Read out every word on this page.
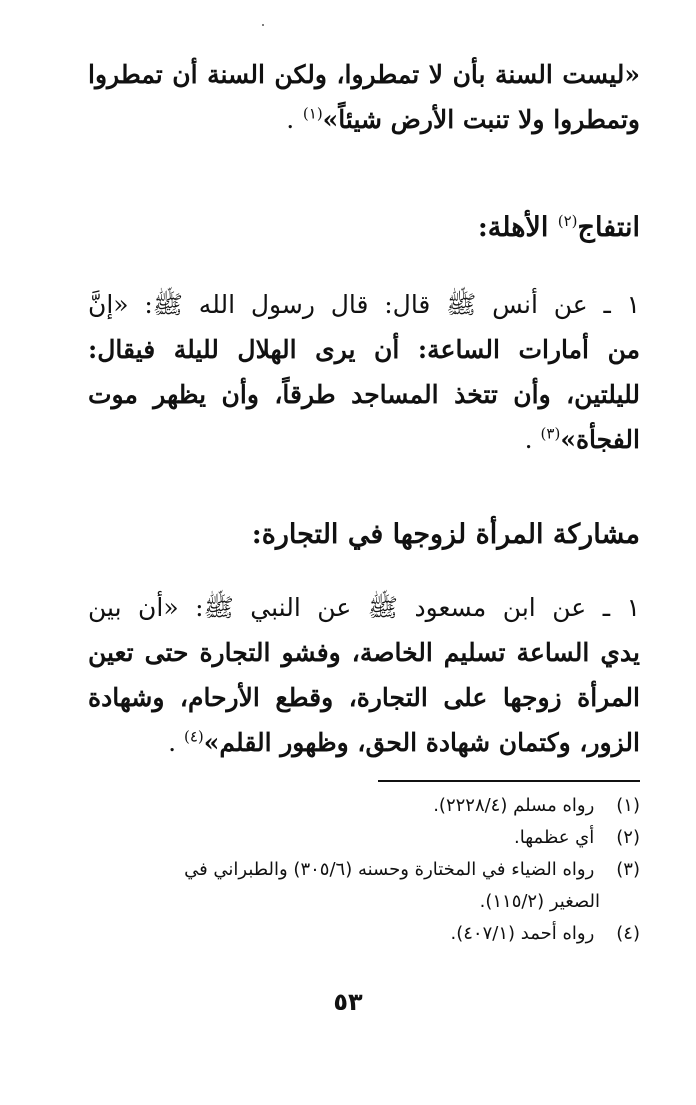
«ليست السنة بأن لا تمطروا، ولكن السنة أن تمطروا
وتمطروا ولا تنبت الأرض شيئاً»$^{(١)}$ .
انتفاج$^{(٢)}$ الأهلة:
١ ـ عن أنس ﷺ قال: قال رسول الله ﷺ: «إنَّ
من أمارات الساعة: أن يرى الهلال لليلة فيقال:
لليلتين، وأن تتخذ المساجد طرقاً، وأن يظهر موت
الفجأة»$^{(٣)}$ .
مشاركة المرأة لزوجها في التجارة:
١ ـ عن ابن مسعود ﷺ عن النبي ﷺ: «أن بين
يدي الساعة تسليم الخاصة، وفشو التجارة حتى تعين
المرأة زوجها على التجارة، وقطع الأرحام، وشهادة
الزور، وكتمان شهادة الحق، وظهور القلم»$^{(٤)}$ .
(١) رواه مسلم (٢٢٢٨/٤).
(٢) أي عظمها.
(٣) رواه الضياء في المختارة وحسنه (٣٠٥/٦) والطبراني في
الصغير (١١٥/٢).
(٤) رواه أحمد (٤٠٧/١).
٥٣
